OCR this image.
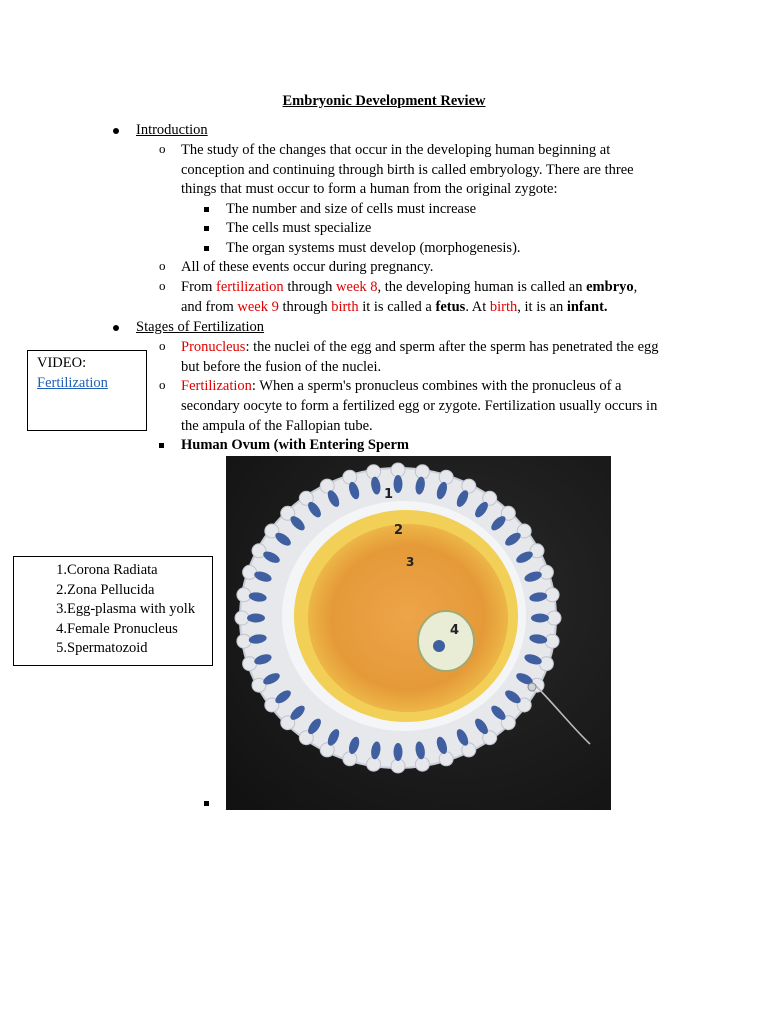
Embryonic Development Review
Introduction
o The study of the changes that occur in the developing human beginning at
conception and continuing through birth is called embryology. There are three
things that must occur to form a human from the original zygote:
The number and size of cells must increase
The cells must specialize
The organ systems must develop (morphogenesis).
o All of these events occur during pregnancy.
o From fertilization through week 8, the developing human is called an embryo,
and from week 9 through birth it is called a fetus. At birth, it is an infant.
Stages of Fertilization
o Pronucleus: the nuclei of the egg and sperm after the sperm has penetrated the egg
but before the fusion of the nuclei.
o Fertilization: When a sperm's pronucleus combines with the pronucleus of a
secondary oocyte to form a fertilized egg or zygote. Fertilization usually occurs in
the ampula of the Fallopian tube.
Human Ovum (with Entering Sperm
VIDEO:
Fertilization
1. Corona Radiata
2. Zona Pellucida
3. Egg-plasma with yolk
4. Female Pronucleus
5. Spermatozoid
1
2
3
4
